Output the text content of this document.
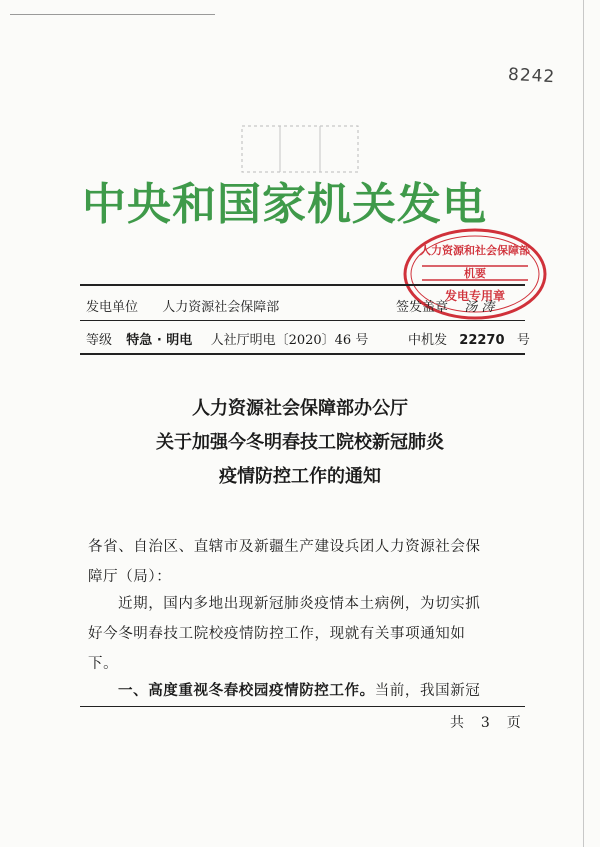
8242
中央和国家机关发电
人力资源和社会保障部
机要
发电专用章
发电单位 人力资源社会保障部	签发盖章 汤 涛
等级 特急 · 明电 人社厅明电〔2020〕46 号	中机发 22270 号
人力资源社会保障部办公厅
关于加强今冬明春技工院校新冠肺炎
疫情防控工作的通知
各省、自治区、直辖市及新疆生产建设兵团人力资源社会保
障厅（局）：
近期，国内多地出现新冠肺炎疫情本土病例，为切实抓
好今冬明春技工院校疫情防控工作，现就有关事项通知如
下。
一、高度重视冬春校园疫情防控工作。当前，我国新冠
共 3 页
